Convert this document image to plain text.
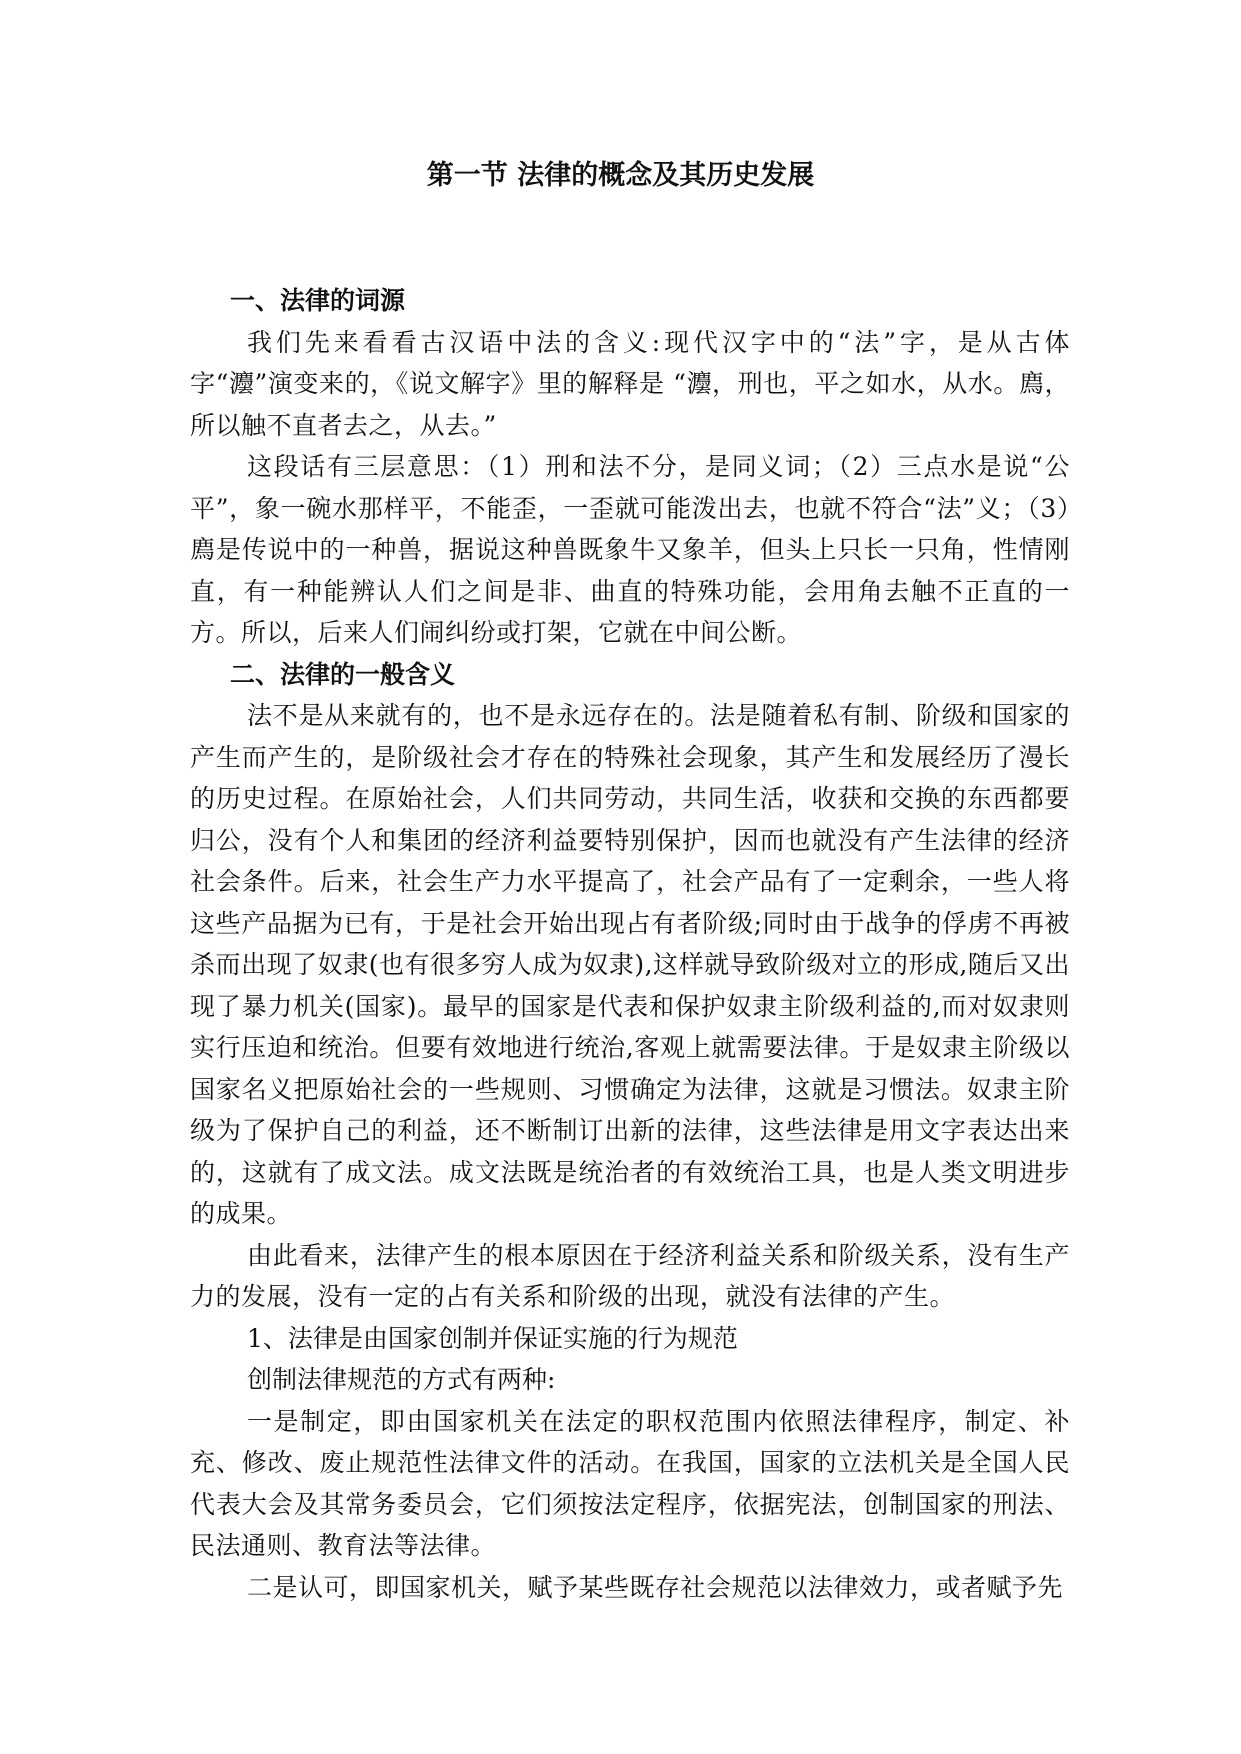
第一节 法律的概念及其历史发展

一、法律的词源

我们先来看看古汉语中法的含义:现代汉字中的“法”字，是从古体字“灋”演变来的，《说文解字》里的解释是 “灋，刑也，平之如水，从水。廌，所以触不直者去之，从去。”

这段话有三层意思：（1）刑和法不分，是同义词；（2）三点水是说“公平”，象一碗水那样平，不能歪，一歪就可能泼出去，也就不符合“法”义；（3）廌是传说中的一种兽，据说这种兽既象牛又象羊，但头上只长一只角，性情刚直，有一种能辨认人们之间是非、曲直的特殊功能，会用角去触不正直的一方。所以，后来人们闹纠纷或打架，它就在中间公断。

二、法律的一般含义

法不是从来就有的，也不是永远存在的。法是随着私有制、阶级和国家的产生而产生的，是阶级社会才存在的特殊社会现象，其产生和发展经历了漫长的历史过程。在原始社会，人们共同劳动，共同生活，收获和交换的东西都要归公，没有个人和集团的经济利益要特别保护，因而也就没有产生法律的经济社会条件。后来，社会生产力水平提高了，社会产品有了一定剩余，一些人将这些产品据为已有，于是社会开始出现占有者阶级;同时由于战争的俘虏不再被杀而出现了奴隶(也有很多穷人成为奴隶),这样就导致阶级对立的形成,随后又出现了暴力机关(国家)。最早的国家是代表和保护奴隶主阶级利益的,而对奴隶则实行压迫和统治。但要有效地进行统治,客观上就需要法律。于是奴隶主阶级以国家名义把原始社会的一些规则、习惯确定为法律，这就是习惯法。奴隶主阶级为了保护自己的利益，还不断制订出新的法律，这些法律是用文字表达出来的，这就有了成文法。成文法既是统治者的有效统治工具，也是人类文明进步的成果。

由此看来，法律产生的根本原因在于经济利益关系和阶级关系，没有生产力的发展，没有一定的占有关系和阶级的出现，就没有法律的产生。

1、法律是由国家创制并保证实施的行为规范

创制法律规范的方式有两种:

一是制定，即由国家机关在法定的职权范围内依照法律程序，制定、补充、修改、废止规范性法律文件的活动。在我国，国家的立法机关是全国人民代表大会及其常务委员会，它们须按法定程序，依据宪法，创制国家的刑法、民法通则、教育法等法律。

二是认可，即国家机关，赋予某些既存社会规范以法律效力，或者赋予先
